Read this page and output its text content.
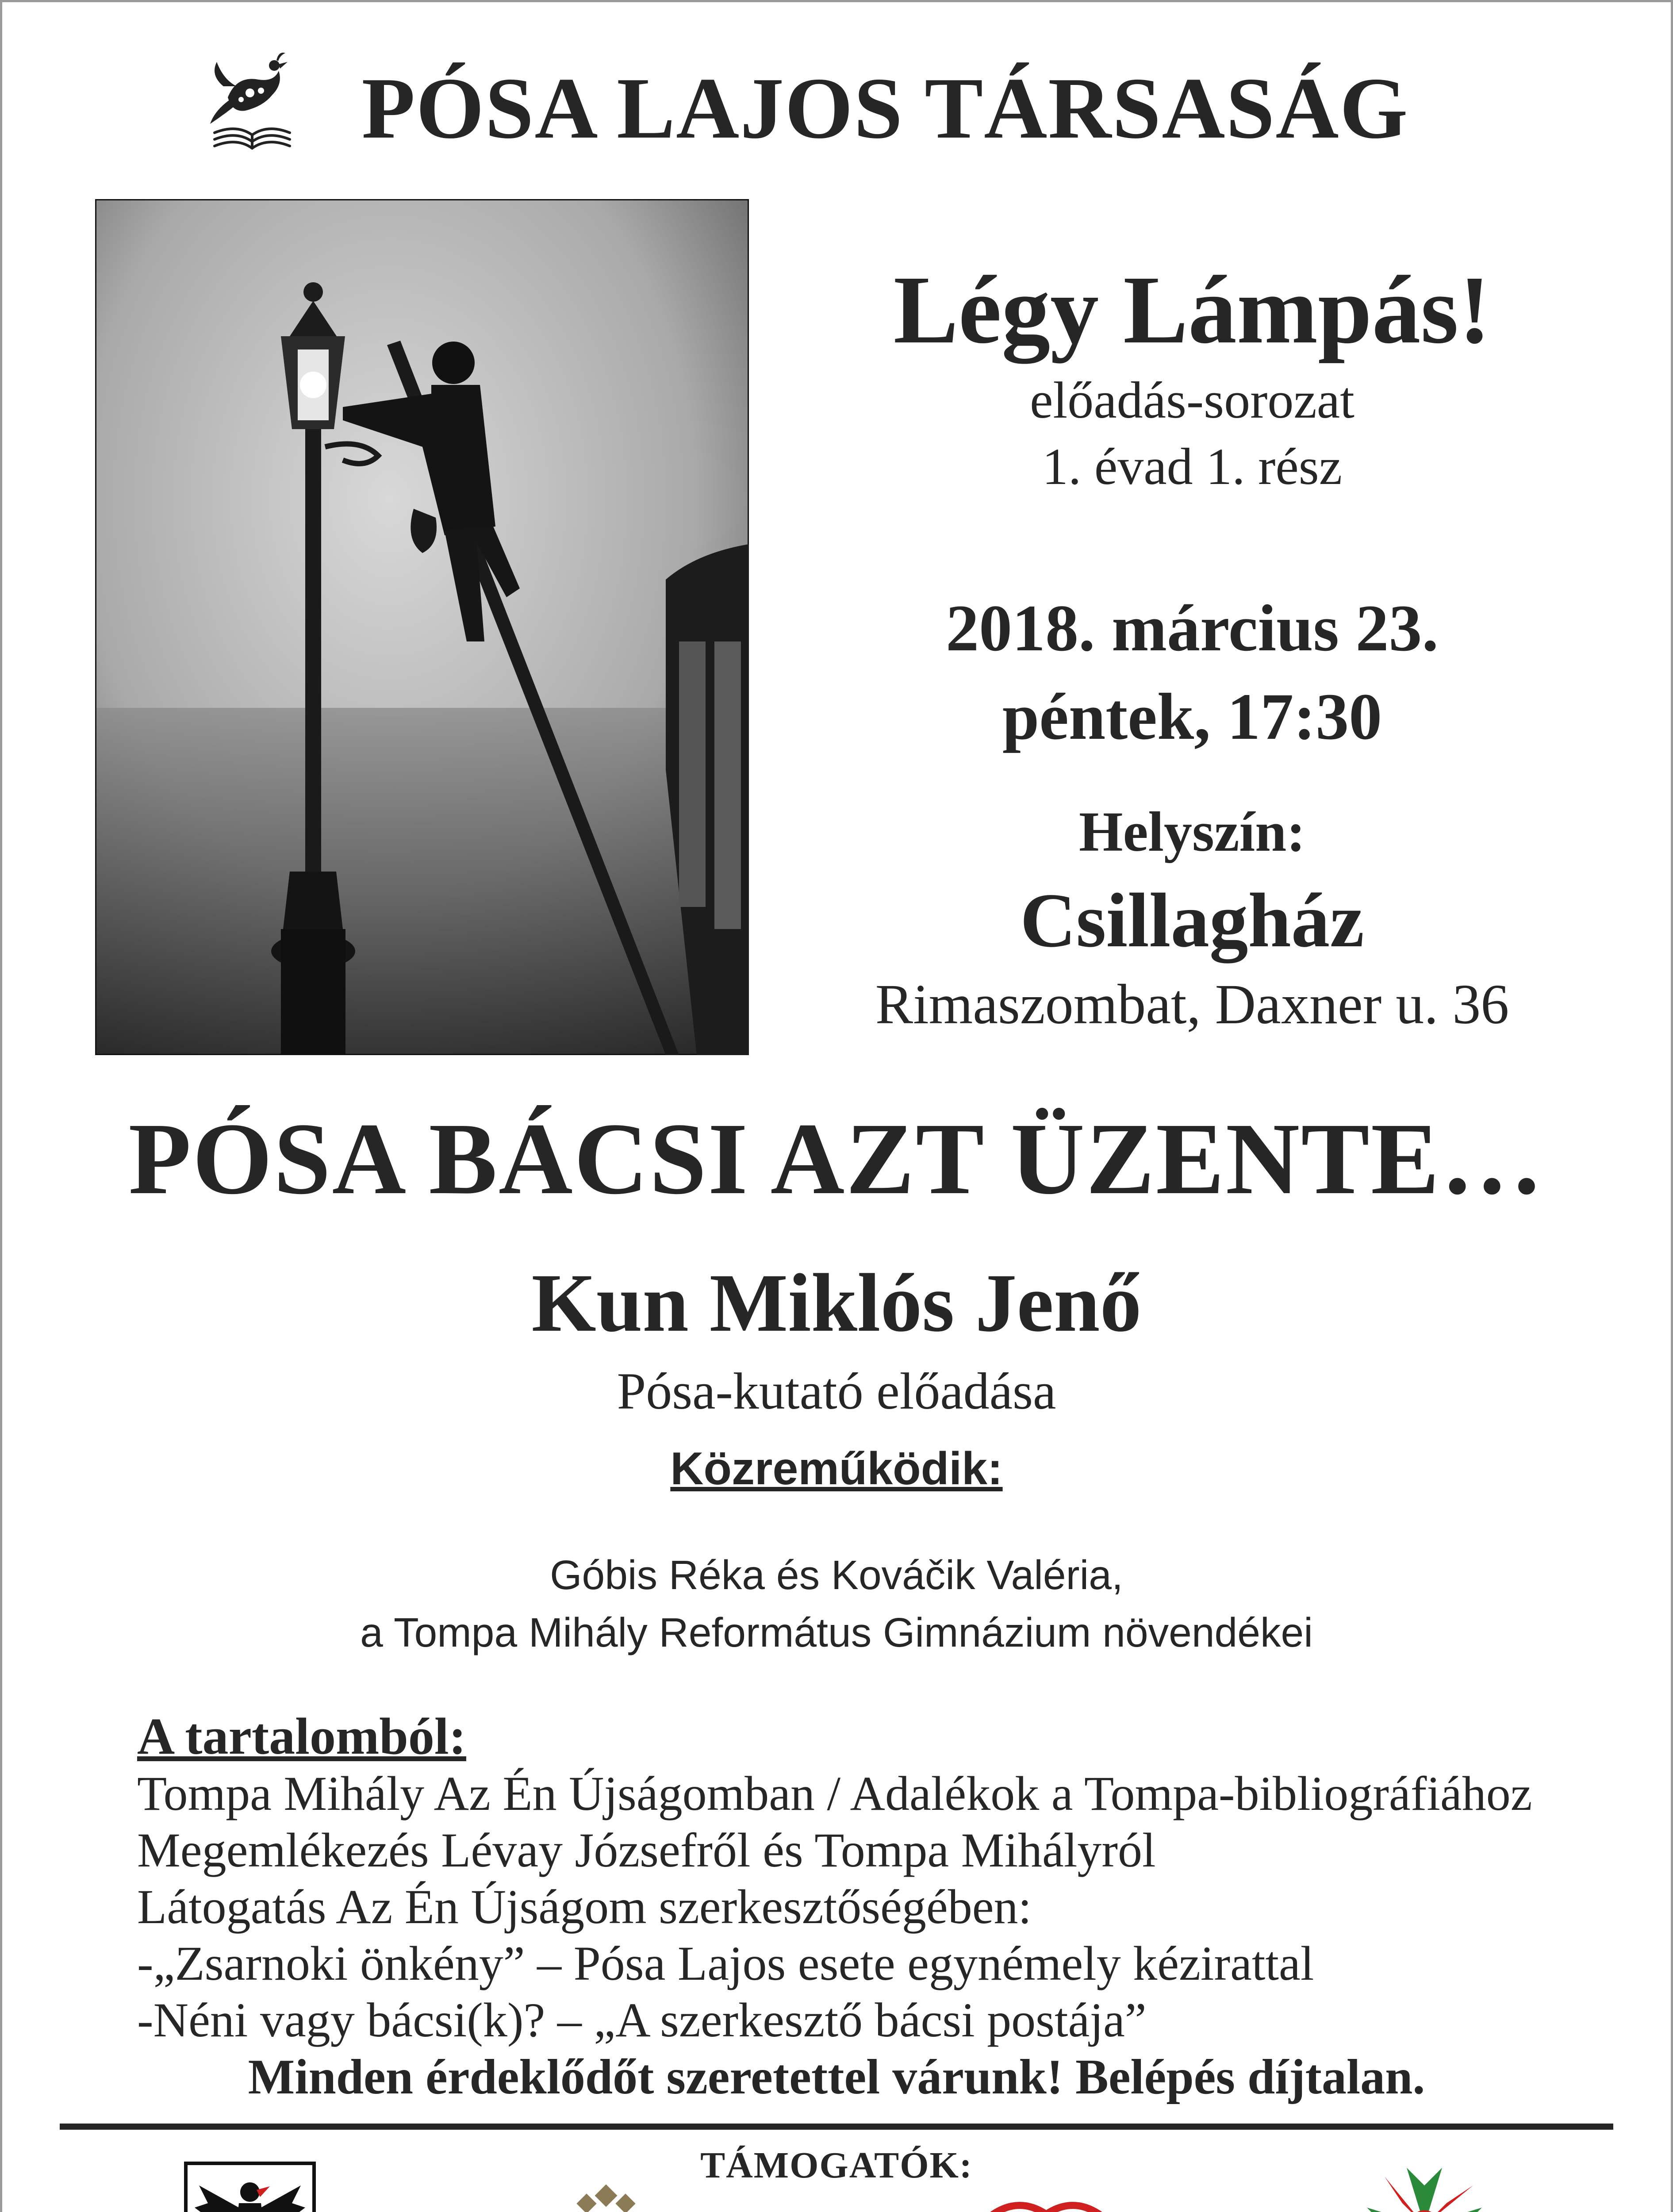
PÓSA LAJOS TÁRSASÁG
Légy Lámpás!
előadás-sorozat
1. évad 1. rész
2018. március 23.
péntek, 17:30
Helyszín:
Csillagház
Rimaszombat, Daxner u. 36
PÓSA BÁCSI AZT ÜZENTE…
Kun Miklós Jenő
Pósa-kutató előadása
Közreműködik:
Góbis Réka és Kováčik Valéria,
a Tompa Mihály Református Gimnázium növendékei
A tartalomból:
Tompa Mihály Az Én Újságomban / Adalékok a Tompa-bibliográfiához
Megemlékezés Lévay Józsefről és Tompa Mihályról
Látogatás Az Én Újságom szerkesztőségében:
-„Zsarnoki önkény” – Pósa Lajos esete egynémely kézirattal
-Néni vagy bácsi(k)? – „A szerkesztő bácsi postája”
Minden érdeklődőt szeretettel várunk! Belépés díjtalan.
TÁMOGATÓK:
